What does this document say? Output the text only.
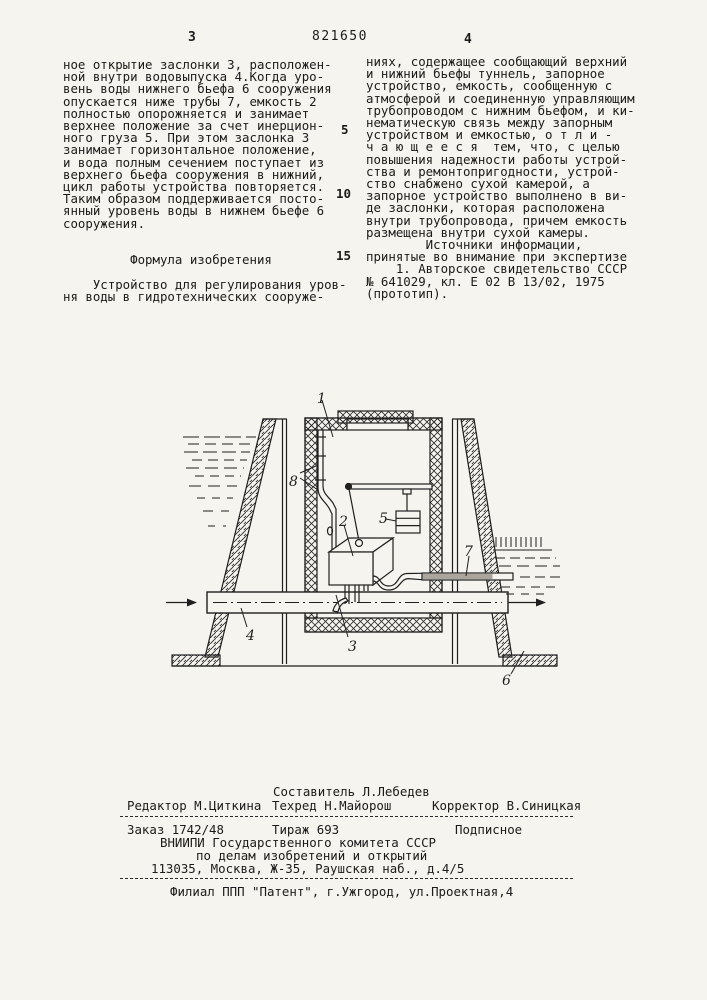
3	821650	4
ное открытие заслонки 3, расположен-
ной внутри водовыпуска 4.Когда уро-
вень воды нижнего бьефа 6 сооружения
опускается ниже трубы 7, емкость 2
полностью опорожняется и занимает
верхнее положение за счет инерцион-
ного груза 5. При этом заслонка 3
занимает горизонтальное положение,
и вода полным сечением поступает из
верхнего бьефа сооружения в нижний,
цикл работы устройства повторяется.
Таким образом поддерживается посто-
янный уровень воды в нижнем бьефе 6
сооружения.

Формула изобретения

Устройство для регулирования уров-
ня воды в гидротехнических сооруже-
ниях, содержащее сообщающий верхний
и нижний бьефы туннель, запорное
устройство, емкость, сообщенную с
атмосферой и соединенную управляющим
трубопроводом с нижним бьефом, и ки-
нематическую связь между запорным
устройством и емкостью, о т л и -
ч а ю щ е е с я  тем, что, с целью
повышения надежности работы устрой-
ства и ремонтопригодности, устрой-
ство снабжено сухой камерой, а
запорное устройство выполнено в ви-
де заслонки, которая расположена
внутри трубопровода, причем емкость
размещена внутри сухой камеры.
Источники информации,
принятые во внимание при экспертизе
1. Авторское свидетельство СССР
№ 641029, кл. Е 02 В 13/02, 1975
(прототип).
5
10
15
1
8
2 5
7
4
3
6
Составитель Л.Лебедев
Редактор М.Циткина Техред Н.Майорош	Корректор В.Синицкая
Заказ 1742/48	Тираж 693	Подписное
ВНИИПИ Государственного комитета СССР
по делам изобретений и открытий
113035, Москва, Ж-35, Раушская наб., д.4/5
Филиал ППП "Патент", г.Ужгород, ул.Проектная,4
